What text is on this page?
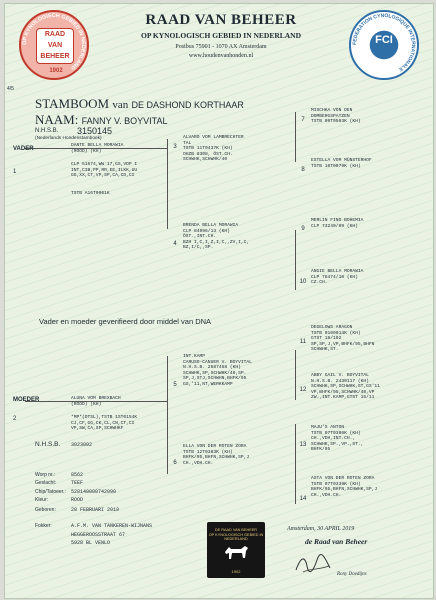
RAAD
VAN
BEHEER
1902
OP KYNOLOGISCH GEBIED IN NEDERLAND
RAAD VAN BEHEER
OP KYNOLOGISCH GEBIED IN NEDERLAND
Postbus 75901 - 1070 AX Amsterdam
www.houdenvanhonden.nl
FCI
FEDERATION CYNOLOGIQUE INTERNATIONALE
4/5
STAMBOOM van DE DASHOND KORTHAAR
NAAM: FANNY V. BOYVITAL
N.H.S.B. 3150145
(Nederlands Hondenstamboek)
VADER
1
DANTE BELLA MORAWIA
(ROOD) (KH)
CLP 51674,WW`17,GS,VDP I
INT,CIB,PP,RR,EE,ILKK,UU
GG,XX,CT,VP,SP,CA,CD,CI
TSTB A16T0001K
Vader en moeder geverifieerd door middel van DNA
MOEDER
2
ALUNA VOM BREXBACH
(ROOD) (KH)
*MP*(DTSL),TSTB 1ST0154K
CJ,CF,GG,CK,CL,CN,CT,CI
VP,SW,CA,SP,SCHWHKF
N.H.S.B. 3023092
3
ALVARO VOM LAMBRECHTER
TAL
TSTB 11T0437K (KH)
OHZB 8308, ÖST.CH.
SCHWHK,SCHWHK/40
4
BRENDA BELLA MORAWIA
CLP 84996/13 (KH)
ÖST.,INT.CH.
BZH I,C,I,Z,I,C,,ZV,I,C,
BZ,I/C,,SP.
5
INT.KAMP
CARUSO-CANUER V. BOYVITAL
N.H.S.B. 2587458 (KH)
SCHWHK,SP,SCHWHK/40,SP.
SP,J,STJ,SCHWHN,BHFK/95
GS,'11,NT,WERKKAMP
6
ELLA VON DER ROTEN ZORA
TSTB 12T0383K (KH)
BHFK/95,BHFN,SCHWHK,SP,J
CH.,VDH.CH.
7
MISCHKA VON DEN
DOMBERGSPATZEN
TSTB 09T0503K (KH)
8
ESTELLA VOM MÜNSTERHOF
TSTB 10T0079K (KH)
9
MERLIN FINO BOHEMIA
CLP 73240/09 (KH)
10
ANGIE BELLA MORAWIA
CLP 78474/10 (KH)
CZ.CH.
11
DEGELOWS ARAGON
TSTB 0100014K (KH)
GTST 18/102
SP,SP,J,VP,BHFK/95,BHFN
SCHWHK,ST.
12
ABBY GAIL V. BOYVITAL
N.H.S.B. 2430117 (KH)
SCHWHK,SP,SCHWHK,ST,GS'11
VP,BHFK/95,SCHWHK/40,VP
ZW.,INT.KAMP,GTST 15/11
13
MAJU'S ANTON
TSTB 07T0306K (KH)
CH.,VDH,INT.CH.,
SCHWHK,SP.,VP.,ST.,
BHFK/95
14
ASTA VON DER ROTEN ZORA
TSTB 07T0339K (KH)
BHFK/95,BHFN,SCHWHK,SP,J
CH.,VDH.CH.
Worp nr.:
Geslacht:
Chip/Tatoeer.:
Kleur:
Geboren:
Fokker:
8562
TEEF
528140000742090
ROOD
28 FEBRUARI 2019
A.F.M. VAN TANKEREN-WIJNANS
HEGGEROOSSTRAAT 67
5928 BL VENLO
DE RAAD VAN BEHEER
OP KYNOLOGISCH GEBIED IN NEDERLAND
1902
Amsterdam, 30 APRIL 2019
de Raad van Beheer
Rony Doedijns
